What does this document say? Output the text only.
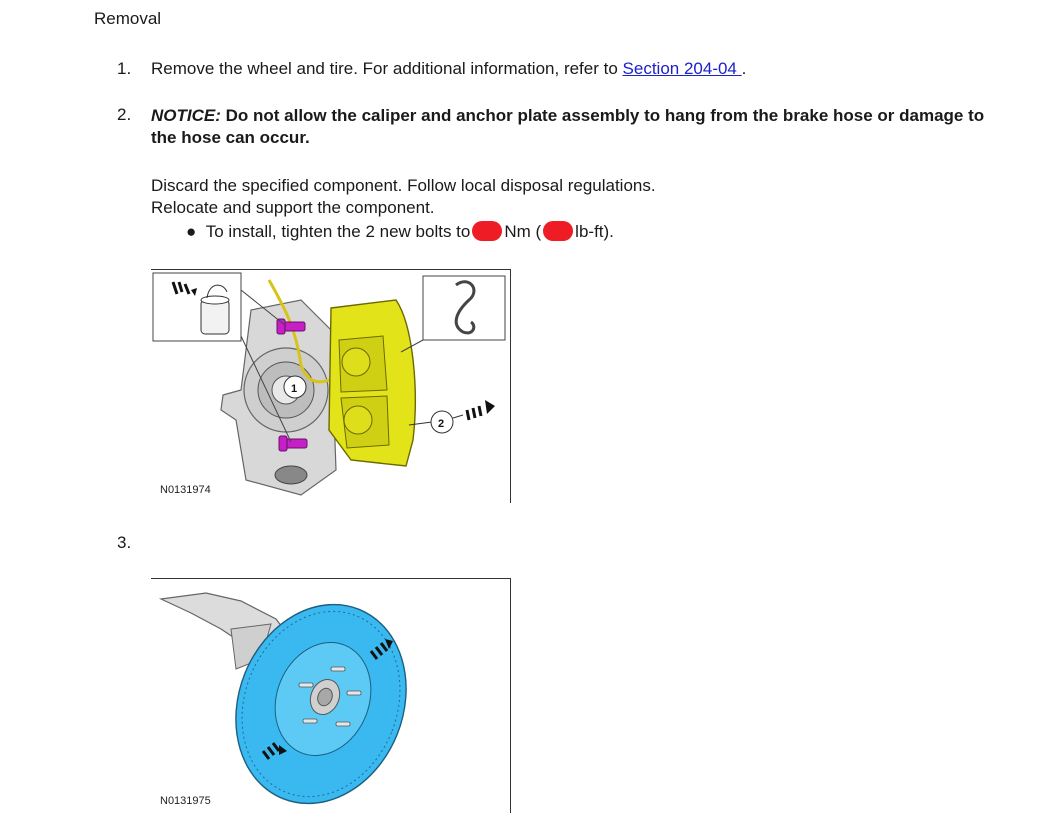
Removal
1. Remove the wheel and tire. For additional information, refer to Section 204-04 .
2. NOTICE: Do not allow the caliper and anchor plate assembly to hang from the brake hose or damage to the hose can occur.
Discard the specified component. Follow local disposal regulations.
Relocate and support the component.
● To install, tighten the 2 new bolts to Nm ( lb-ft).
1
2
N0131974
3.
N0131975
